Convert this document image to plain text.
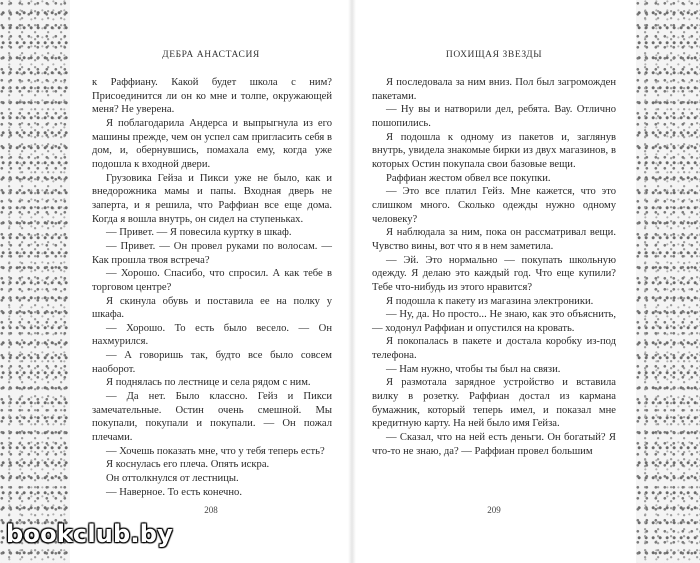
ДЕБРА АНАСТАСИЯ

к Раффиану. Какой будет школа с ним? Присоединится ли он ко мне и толпе, окружающей меня? Не уверена.

Я поблагодарила Андерса и выпрыгнула из его машины прежде, чем он успел сам пригласить себя в дом, и, обернувшись, помахала ему, когда уже подошла к входной двери.

Грузовика Гейза и Пикси уже не было, как и внедорожника мамы и папы. Входная дверь не заперта, и я решила, что Раффиан все еще дома. Когда я вошла внутрь, он сидел на ступеньках.

— Привет. — Я повесила куртку в шкаф.

— Привет. — Он провел руками по волосам. — Как прошла твоя встреча?

— Хорошо. Спасибо, что спросил. А как тебе в торговом центре?

Я скинула обувь и поставила ее на полку у шкафа.

— Хорошо. То есть было весело. — Он нахмурился.

— А говоришь так, будто все было совсем наоборот.

Я поднялась по лестнице и села рядом с ним.

— Да нет. Было классно. Гейз и Пикси замечательные. Остин очень смешной. Мы покупали, покупали и покупали. — Он пожал плечами.

— Хочешь показать мне, что у тебя теперь есть?

Я коснулась его плеча. Опять искра.

Он оттолкнулся от лестницы.

— Наверное. То есть конечно.

208
ПОХИЩАЯ ЗВЕЗДЫ

Я последовала за ним вниз. Пол был загроможден пакетами.

— Ну вы и натворили дел, ребята. Вау. Отлично пошопились.

Я подошла к одному из пакетов и, заглянув внутрь, увидела знакомые бирки из двух магазинов, в которых Остин покупала свои базовые вещи.

Раффиан жестом обвел все покупки.

— Это все платил Гейз. Мне кажется, что это слишком много. Сколько одежды нужно одному человеку?

Я наблюдала за ним, пока он рассматривал вещи. Чувство вины, вот что я в нем заметила.

— Эй. Это нормально — покупать школьную одежду. Я делаю это каждый год. Что еще купили? Тебе что-нибудь из этого нравится?

Я подошла к пакету из магазина электроники.

— Ну, да. Но просто... Не знаю, как это объяснить, — ходонул Раффиан и опустился на кровать.

Я покопалась в пакете и достала коробку из-под телефона.

— Нам нужно, чтобы ты был на связи.

Я размотала зарядное устройство и вставила вилку в розетку. Раффиан достал из кармана бумажник, который теперь имел, и показал мне кредитную карту. На ней было имя Гейза.

— Сказал, что на ней есть деньги. Он богатый? Я что-то не знаю, да? — Раффиан провел большим

209
bookclub.by
